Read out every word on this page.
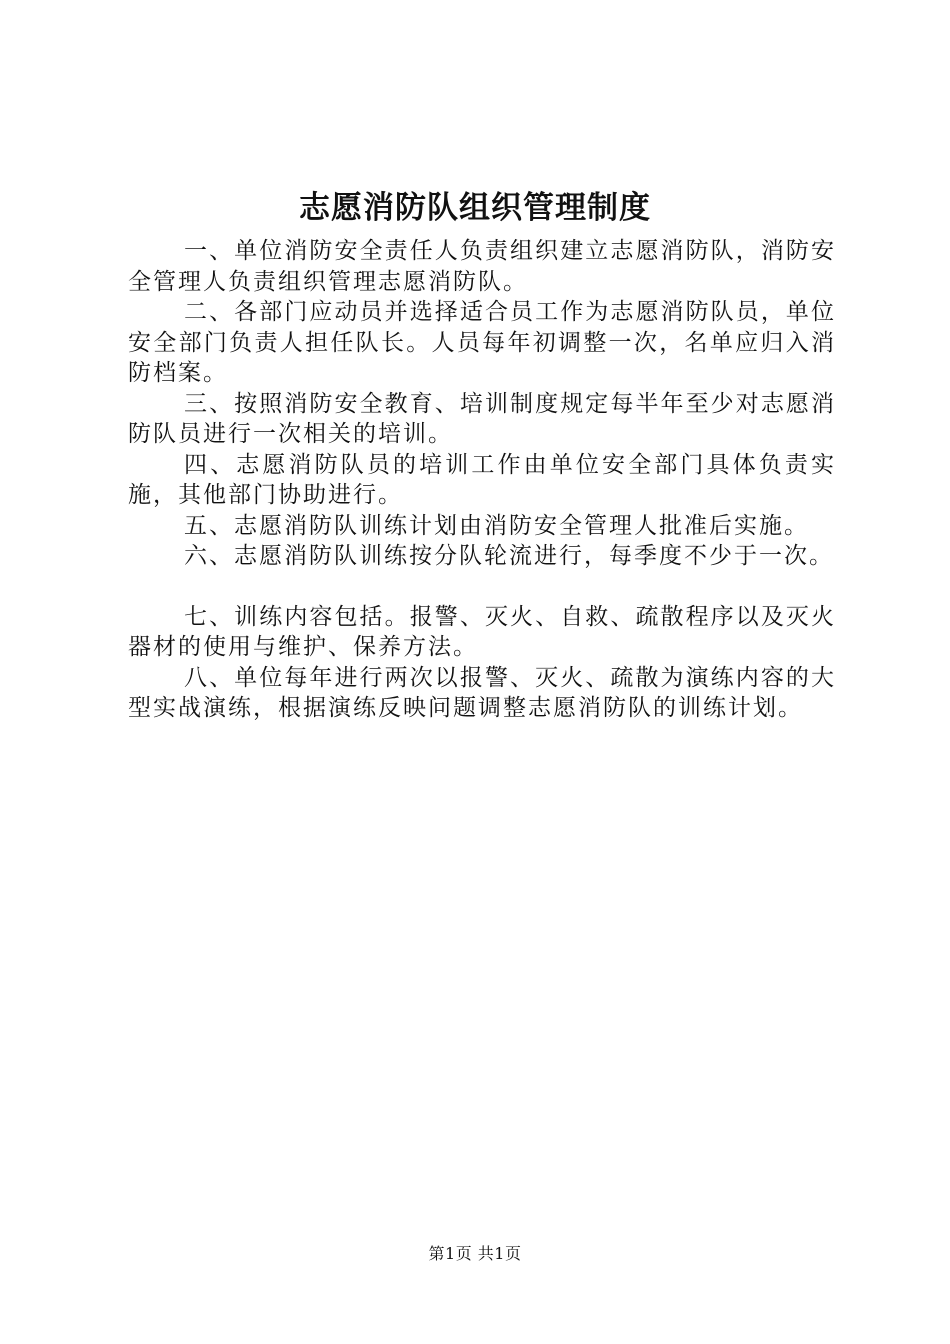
志愿消防队组织管理制度

一、单位消防安全责任人负责组织建立志愿消防队，消防安全管理人负责组织管理志愿消防队。

二、各部门应动员并选择适合员工作为志愿消防队员，单位安全部门负责人担任队长。人员每年初调整一次，名单应归入消防档案。

三、按照消防安全教育、培训制度规定每半年至少对志愿消防队员进行一次相关的培训。

四、志愿消防队员的培训工作由单位安全部门具体负责实施，其他部门协助进行。

五、志愿消防队训练计划由消防安全管理人批准后实施。

六、志愿消防队训练按分队轮流进行，每季度不少于一次。

七、训练内容包括。报警、灭火、自救、疏散程序以及灭火器材的使用与维护、保养方法。

八、单位每年进行两次以报警、灭火、疏散为演练内容的大型实战演练，根据演练反映问题调整志愿消防队的训练计划。

第1页 共1页
